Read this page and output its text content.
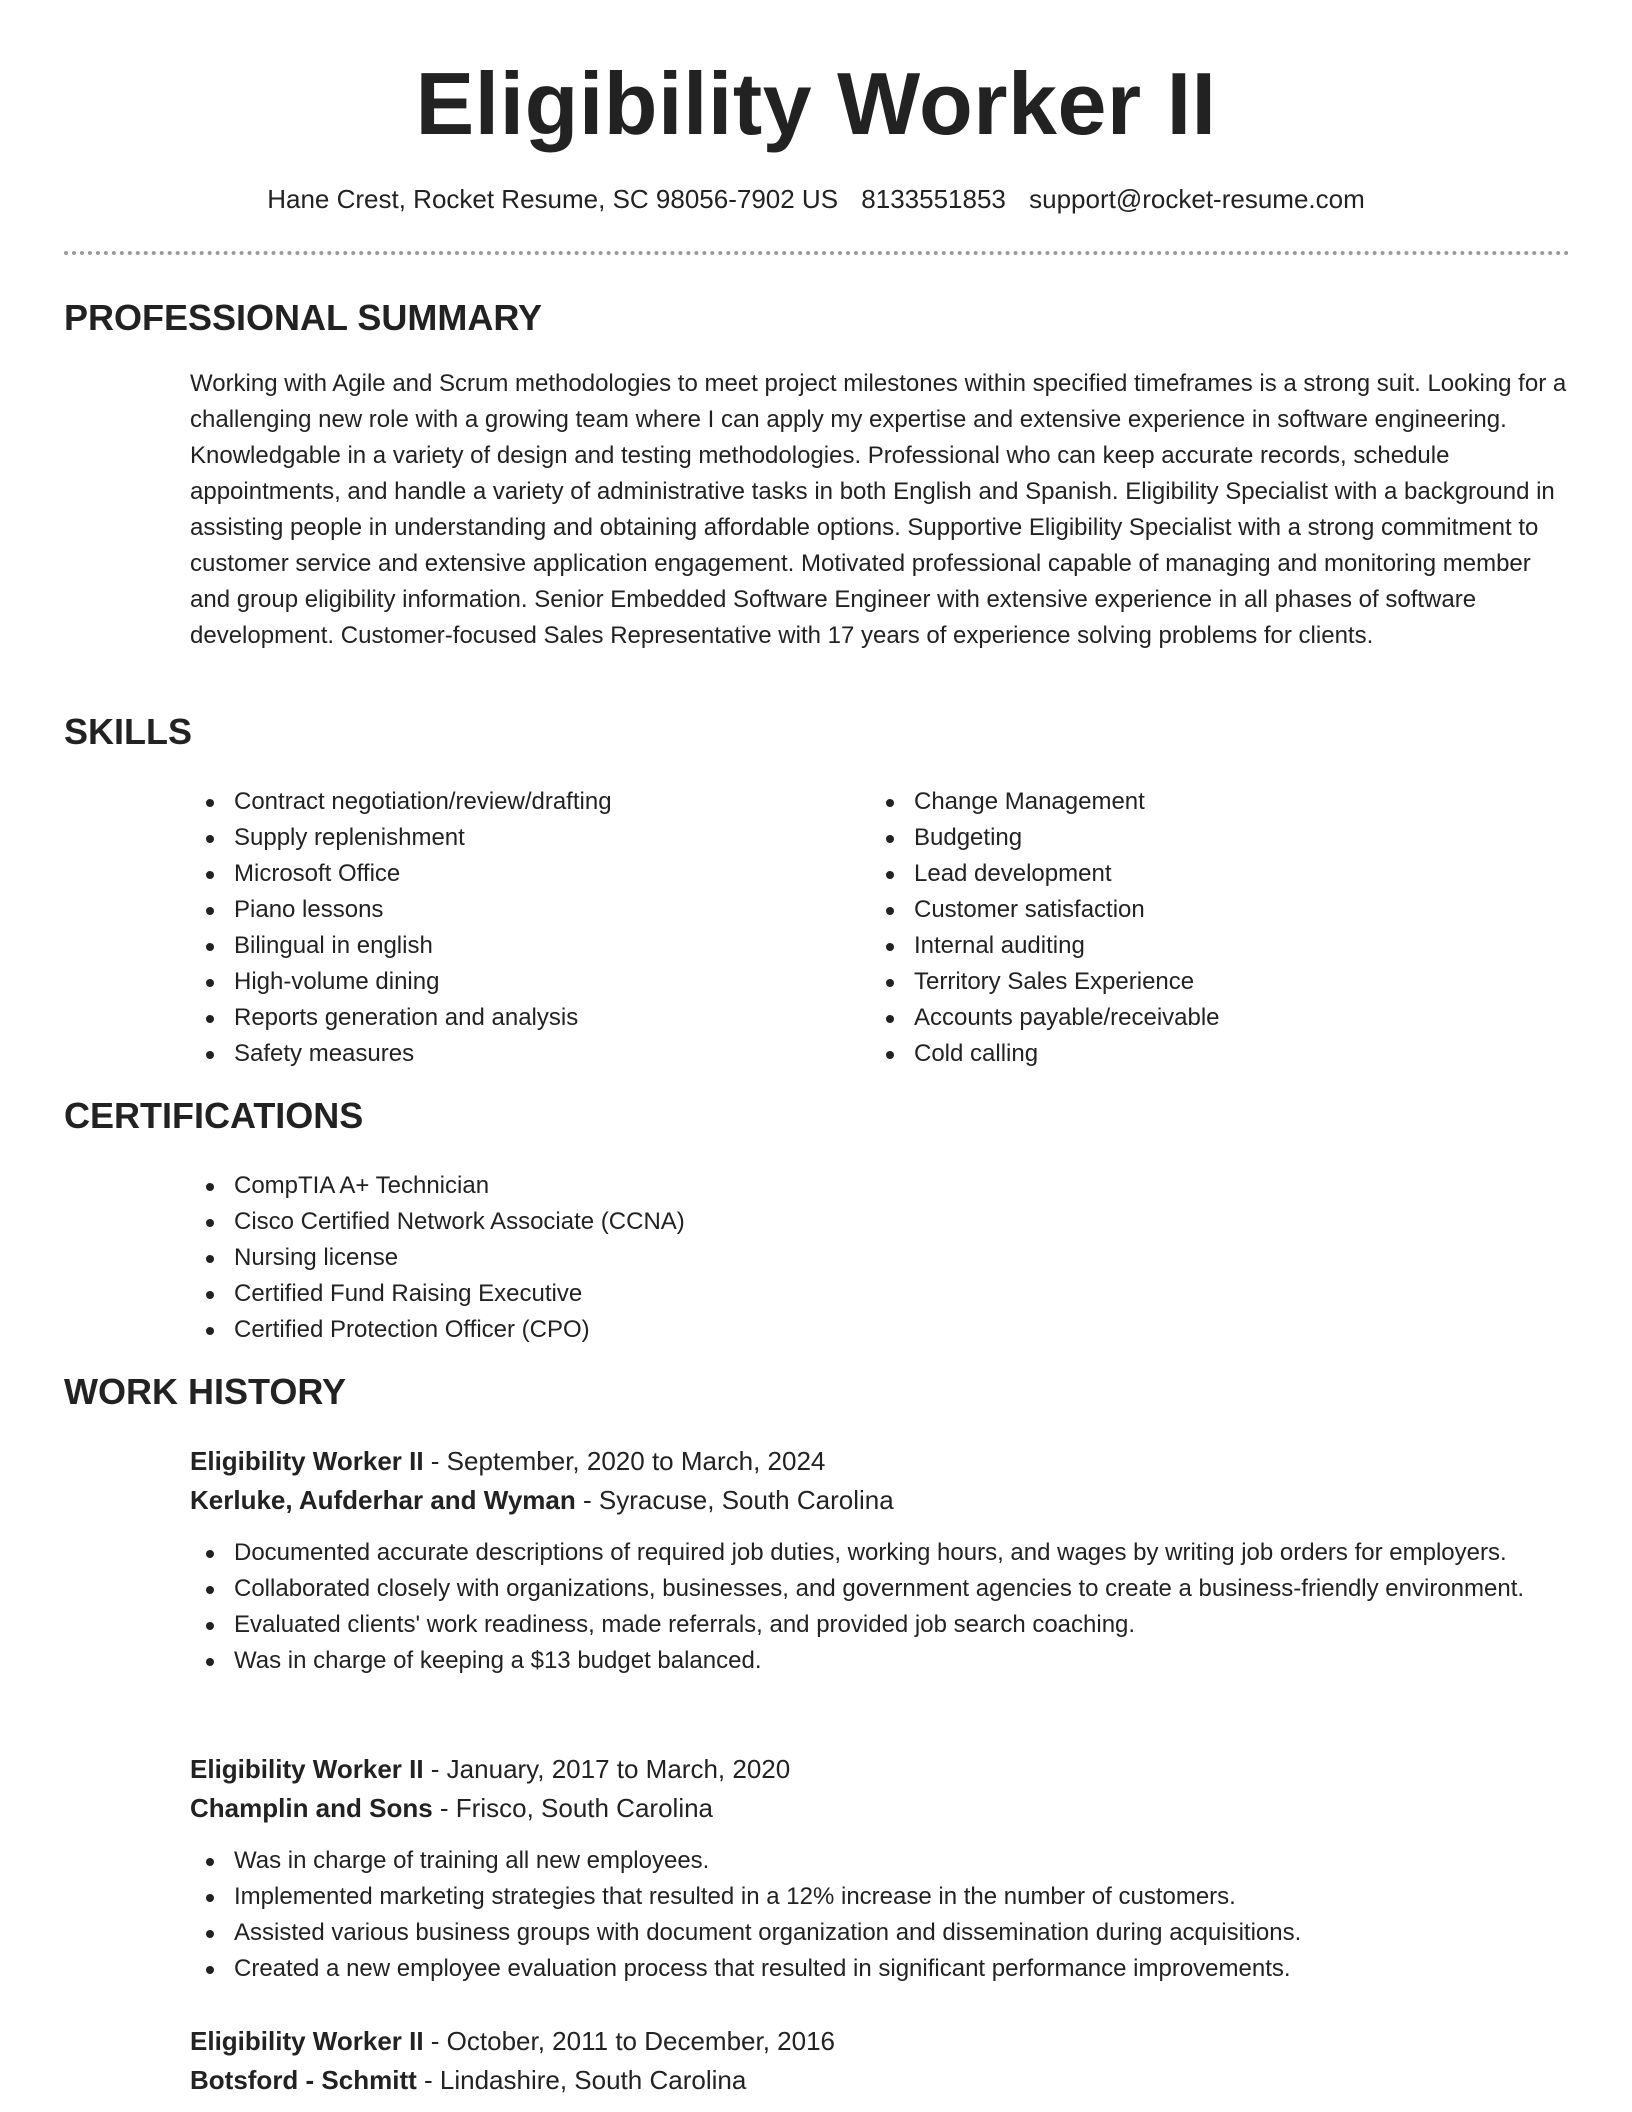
Eligibility Worker II
Hane Crest, Rocket Resume, SC 98056-7902 US 8133551853 support@rocket-resume.com
PROFESSIONAL SUMMARY

Working with Agile and Scrum methodologies to meet project milestones within specified timeframes is a strong suit. Looking for a challenging new role with a growing team where I can apply my expertise and extensive experience in software engineering. Knowledgable in a variety of design and testing methodologies. Professional who can keep accurate records, schedule appointments, and handle a variety of administrative tasks in both English and Spanish. Eligibility Specialist with a background in assisting people in understanding and obtaining affordable options. Supportive Eligibility Specialist with a strong commitment to customer service and extensive application engagement. Motivated professional capable of managing and monitoring member and group eligibility information. Senior Embedded Software Engineer with extensive experience in all phases of software development. Customer-focused Sales Representative with 17 years of experience solving problems for clients.

SKILLS
Contract negotiation/review/drafting
Supply replenishment
Microsoft Office
Piano lessons
Bilingual in english
High-volume dining
Reports generation and analysis
Safety measures
Change Management
Budgeting
Lead development
Customer satisfaction
Internal auditing
Territory Sales Experience
Accounts payable/receivable
Cold calling
CERTIFICATIONS
CompTIA A+ Technician
Cisco Certified Network Associate (CCNA)
Nursing license
Certified Fund Raising Executive
Certified Protection Officer (CPO)
WORK HISTORY
Eligibility Worker II - September, 2020 to March, 2024
Kerluke, Aufderhar and Wyman - Syracuse, South Carolina
Documented accurate descriptions of required job duties, working hours, and wages by writing job orders for employers.
Collaborated closely with organizations, businesses, and government agencies to create a business-friendly environment.
Evaluated clients' work readiness, made referrals, and provided job search coaching.
Was in charge of keeping a $13 budget balanced.
Eligibility Worker II - January, 2017 to March, 2020
Champlin and Sons - Frisco, South Carolina
Was in charge of training all new employees.
Implemented marketing strategies that resulted in a 12% increase in the number of customers.
Assisted various business groups with document organization and dissemination during acquisitions.
Created a new employee evaluation process that resulted in significant performance improvements.
Eligibility Worker II - October, 2011 to December, 2016
Botsford - Schmitt - Lindashire, South Carolina
